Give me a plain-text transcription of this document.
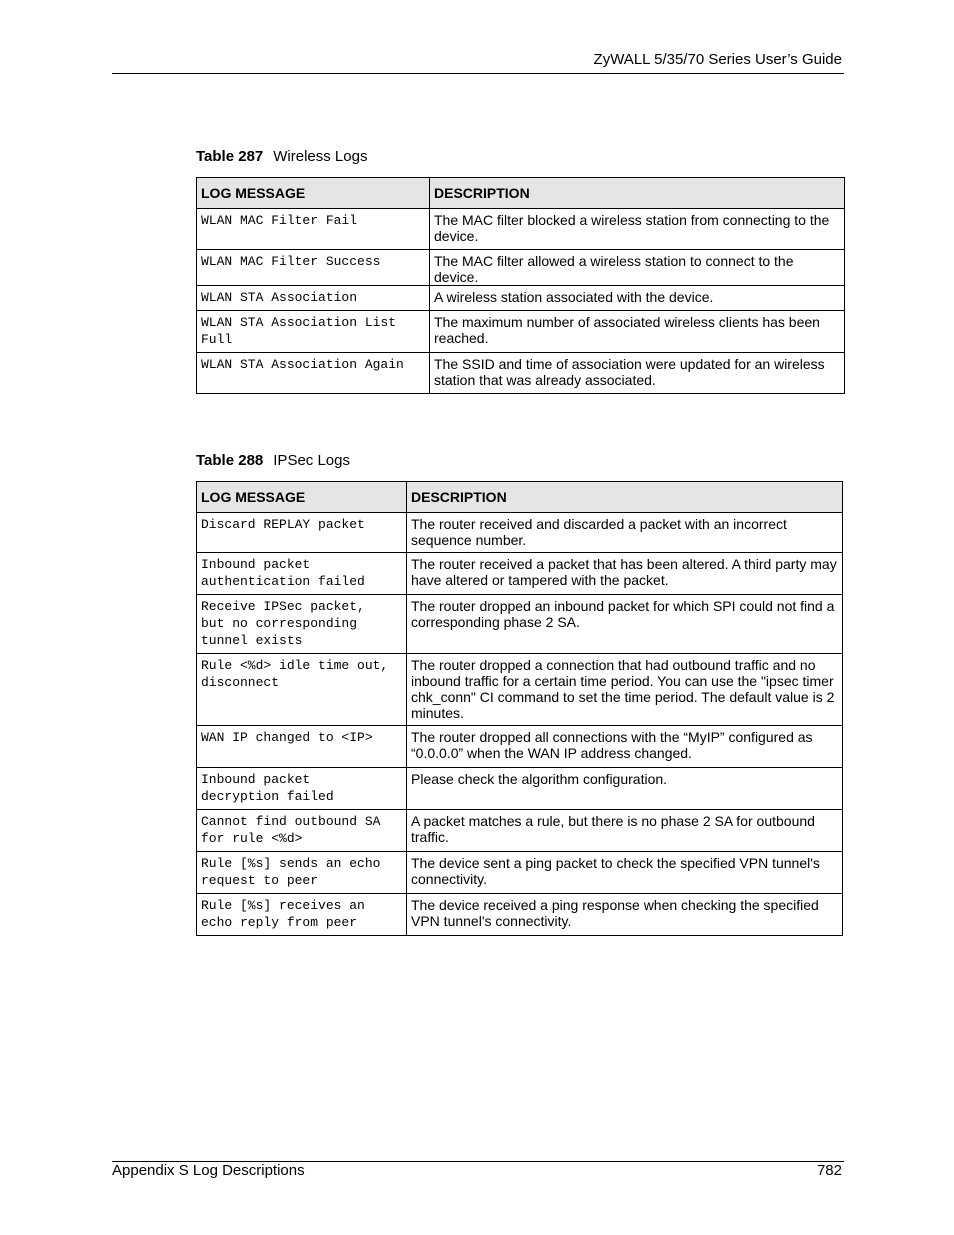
ZyWALL 5/35/70 Series User’s Guide
Table 287 Wireless Logs
LOG MESSAGE	DESCRIPTION
WLAN MAC Filter Fail	The MAC filter blocked a wireless station from connecting to the device.
WLAN MAC Filter Success	The MAC filter allowed a wireless station to connect to the device.
WLAN STA Association	A wireless station associated with the device.
WLAN STA Association List
Full	The maximum number of associated wireless clients has been reached.
WLAN STA Association Again	The SSID and time of association were updated for an wireless station that was already associated.
Table 288 IPSec Logs
LOG MESSAGE	DESCRIPTION
Discard REPLAY packet	The router received and discarded a packet with an incorrect sequence number.
Inbound packet
authentication failed	The router received a packet that has been altered. A third party may have altered or tampered with the packet.
Receive IPSec packet,
but no corresponding
tunnel exists	The router dropped an inbound packet for which SPI could not find a corresponding phase 2 SA.
Rule <%d> idle time out,
disconnect	The router dropped a connection that had outbound traffic and no inbound traffic for a certain time period. You can use the "ipsec timer chk_conn" CI command to set the time period. The default value is 2 minutes.
WAN IP changed to <IP>	The router dropped all connections with the “MyIP” configured as “0.0.0.0” when the WAN IP address changed.
Inbound packet
decryption failed	Please check the algorithm configuration.
Cannot find outbound SA
for rule <%d>	A packet matches a rule, but there is no phase 2 SA for outbound traffic.
Rule [%s] sends an echo
request to peer	The device sent a ping packet to check the specified VPN tunnel's connectivity.
Rule [%s] receives an
echo reply from peer	The device received a ping response when checking the specified VPN tunnel's connectivity.
Appendix S Log Descriptions	782
